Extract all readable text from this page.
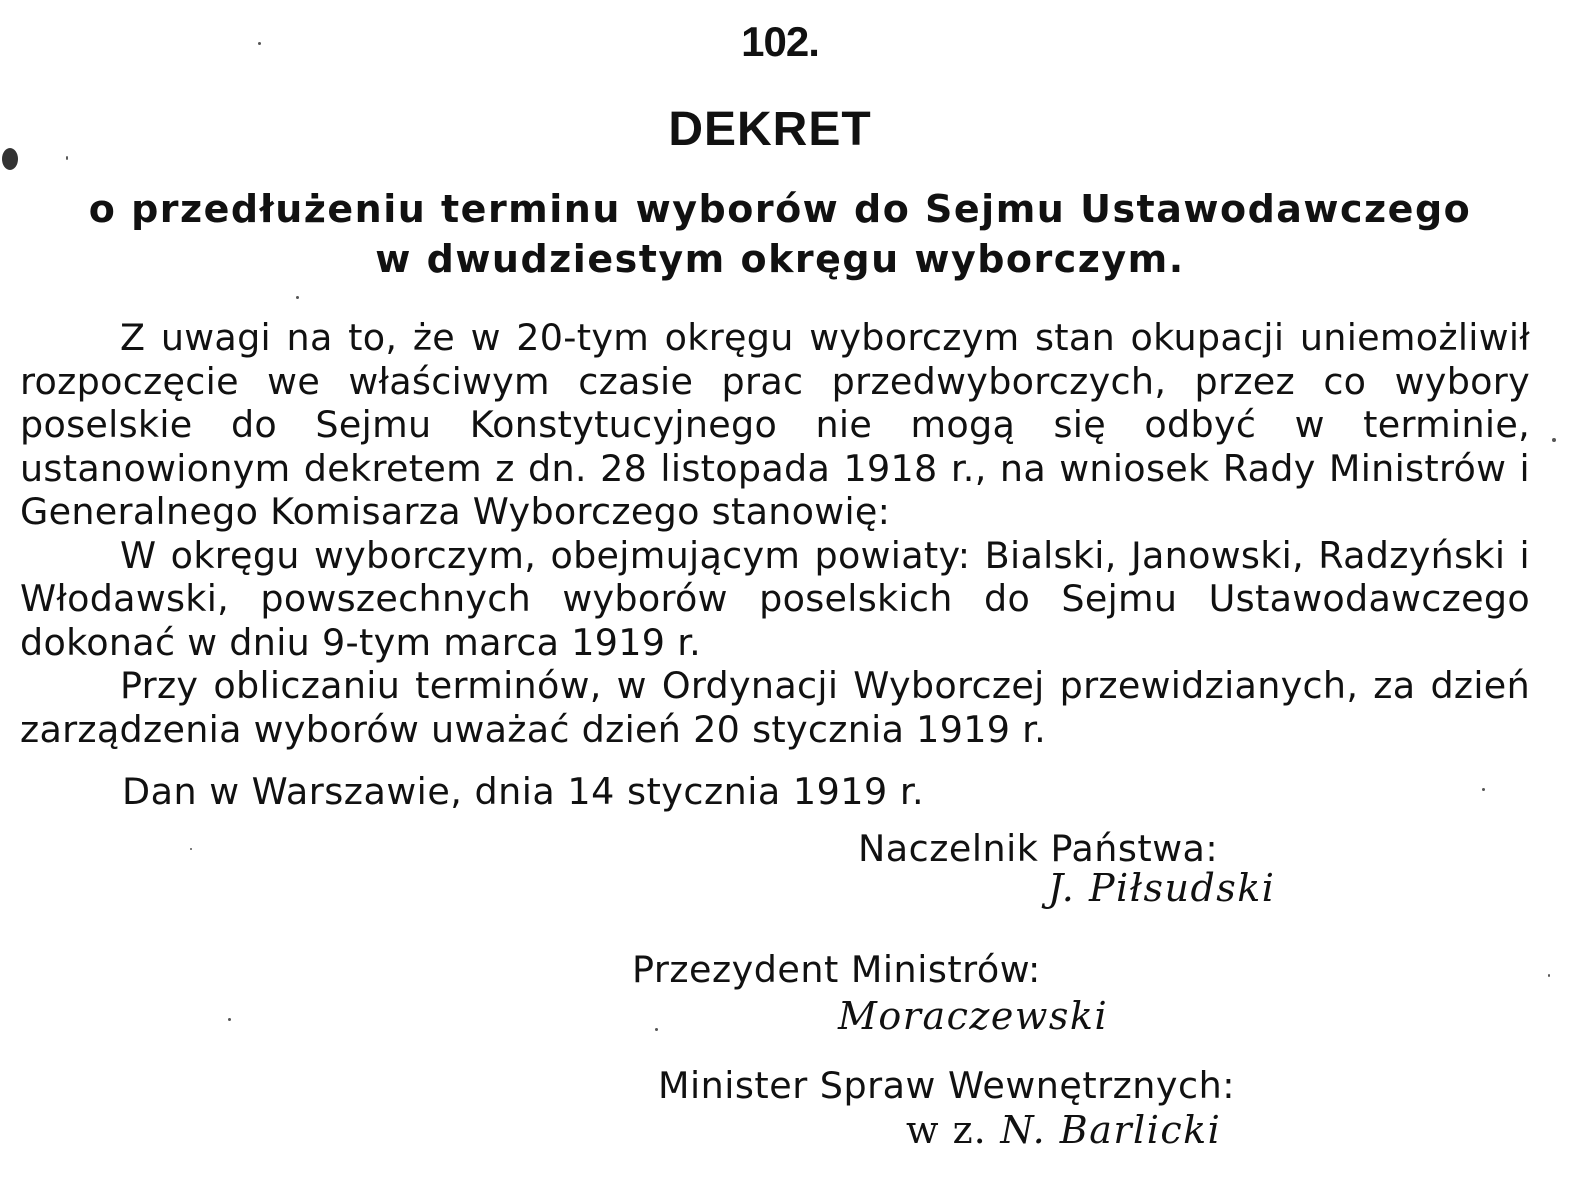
102.
DEKRET
o przedłużeniu terminu wyborów do Sejmu Ustawodawczego
w dwudziestym okręgu wyborczym.

Z uwagi na to, że w 20-tym okręgu wyborczym stan okupacji uniemożliwił rozpoczęcie we właściwym czasie prac przedwyborczych, przez co wybory poselskie do Sejmu Konstytucyjnego nie mogą się odbyć w terminie, ustanowionym dekretem z dn. 28 listopada 1918 r., na wniosek Rady Ministrów i Generalnego Komisarza Wyborczego stanowię:

W okręgu wyborczym, obejmującym powiaty: Bialski, Janowski, Radzyński i Włodawski, powszechnych wyborów poselskich do Sejmu Ustawodawczego dokonać w dniu 9-tym marca 1919 r.

Przy obliczaniu terminów, w Ordynacji Wyborczej przewidzianych, za dzień zarządzenia wyborów uważać dzień 20 stycznia 1919 r.

Dan w Warszawie, dnia 14 stycznia 1919 r.
Naczelnik Państwa:
J. Piłsudski
Przezydent Ministrów:
Moraczewski
Minister Spraw Wewnętrznych:
w z. N. Barlicki
